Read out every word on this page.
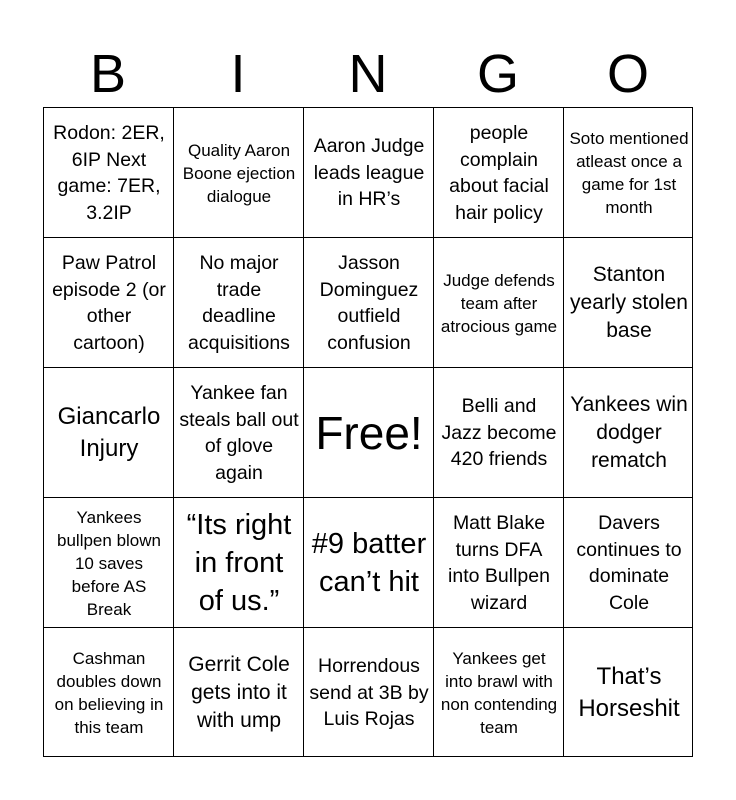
B	I	N	G	O
Rodon: 2ER, 6IP Next game: 7ER, 3.2IP
Quality Aaron Boone ejection dialogue
Aaron Judge leads league in HR’s
people complain about facial hair policy
Soto mentioned atleast once a game for 1st month
Paw Patrol episode 2 (or other cartoon)
No major trade deadline acquisitions
Jasson Dominguez outfield confusion
Judge defends team after atrocious game
Stanton yearly stolen base
Giancarlo Injury
Yankee fan steals ball out of glove again
Free!
Belli and Jazz become 420 friends
Yankees win dodger rematch
Yankees bullpen blown 10 saves before AS Break
“Its right in front of us.”
#9 batter can’t hit
Matt Blake turns DFA into Bullpen wizard
Davers continues to dominate Cole
Cashman doubles down on believing in this team
Gerrit Cole gets into it with ump
Horrendous send at 3B by Luis Rojas
Yankees get into brawl with non contending team
That’s Horseshit
